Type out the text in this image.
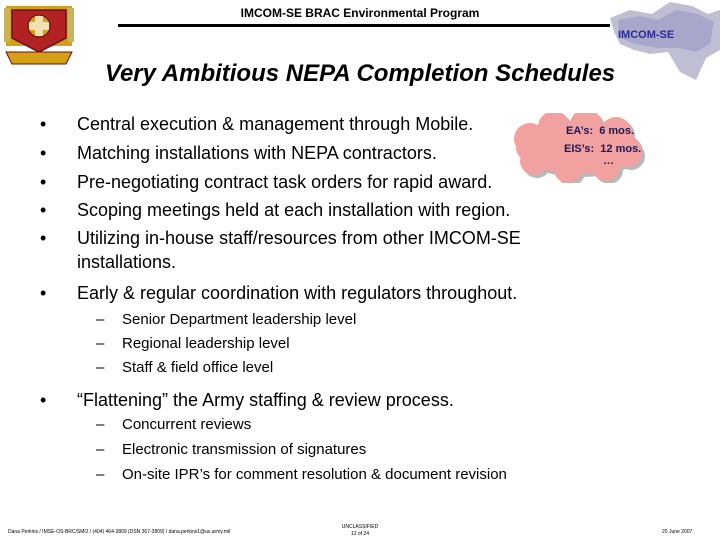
IMCOM-SE BRAC Environmental Program
IMCOM-SE
Very Ambitious NEPA Completion Schedules
•	Central execution & management through Mobile.
•	Matching installations with NEPA contractors.
•	Pre-negotiating contract task orders for rapid award.
•	Scoping meetings held at each installation with region.
•	Utilizing in-house staff/resources from other IMCOM-SE installations.
•	Early & regular coordination with regulators throughout.
–	Senior Department leadership level
–	Regional leadership level
–	Staff & field office level
•	“Flattening” the Army staffing & review process.
–	Concurrent reviews
–	Electronic transmission of signatures
–	On-site IPR’s for comment resolution & document revision
EA’s:  6 mos.
EIS’s:  12 mos.
…
Dana Perkins / IMSE-OS-BRC/SMO / (404) 464-3809 (DSN 367-3809) / dana.perkins1@us.army.mil
UNCLASSIFIED
12 of 24	20 June 2007
